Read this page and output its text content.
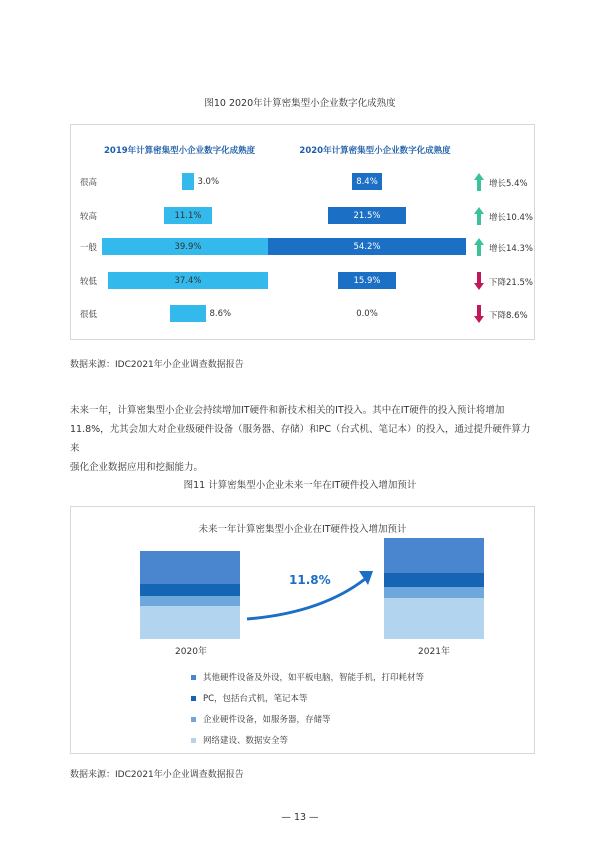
图10 2020年计算密集型小企业数字化成熟度
2019年计算密集型小企业数字化成熟度	2020年计算密集型小企业数字化成熟度
很高	3.0%	8.4%	增长5.4%
较高	11.1%	21.5%	增长10.4%
一般	39.9%	54.2%	增长14.3%
较低	37.4%	15.9%	下降21.5%
很低	8.6%	0.0%	下降8.6%
数据来源：IDC2021年小企业调查数据报告
未来一年，计算密集型小企业会持续增加IT硬件和新技术相关的IT投入。其中在IT硬件的投入预计将增加
11.8%，尤其会加大对企业级硬件设备（服务器、存储）和PC（台式机、笔记本）的投入，通过提升硬件算力来
强化企业数据应用和挖掘能力。
图11 计算密集型小企业未来一年在IT硬件投入增加预计
未来一年计算密集型小企业在IT硬件投入增加预计
11.8%
2020年	2021年
其他硬件设备及外设，如平板电脑，智能手机，打印耗材等
PC，包括台式机，笔记本等
企业硬件设备，如服务器，存储等
网络建设、数据安全等
数据来源：IDC2021年小企业调查数据报告
— 13 —
